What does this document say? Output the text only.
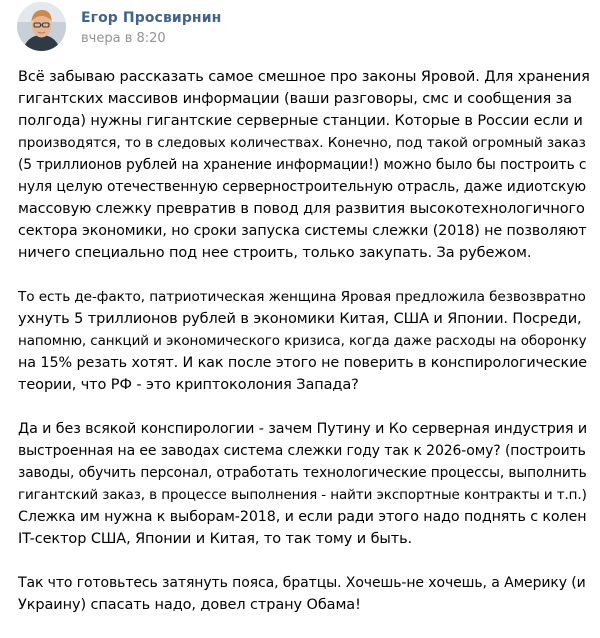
Егор Просвирнин
вчера в 8:20

Всё забываю рассказать самое смешное про законы Яровой. Для хранения
гигантских массивов информации (ваши разговоры, смс и сообщения за
полгода) нужны гигантские серверные станции. Которые в России если и
производятся, то в следовых количествах. Конечно, под такой огромный заказ
(5 триллионов рублей на хранение информации!) можно было бы построить с
нуля целую отечественную серверностроительную отрасль, даже идиотскую
массовую слежку превратив в повод для развития высокотехнологичного
сектора экономики, но сроки запуска системы слежки (2018) не позволяют
ничего специально под нее строить, только закупать. За рубежом.

То есть де-факто, патриотическая женщина Яровая предложила безвозвратно
ухнуть 5 триллионов рублей в экономики Китая, США и Японии. Посреди,
напомню, санкций и экономического кризиса, когда даже расходы на оборонку
на 15% резать хотят. И как после этого не поверить в конспирологические
теории, что РФ - это криптоколония Запада?

Да и без всякой конспирологии - зачем Путину и Ко серверная индустрия и
выстроенная на ее заводах система слежки году так к 2026-ому? (построить
заводы, обучить персонал, отработать технологические процессы, выполнить
гигантский заказ, в процессе выполнения - найти экспортные контракты и т.п.)
Слежка им нужна к выборам-2018, и если ради этого надо поднять с колен
IT-сектор США, Японии и Китая, то так тому и быть.

Так что готовьтесь затянуть пояса, братцы. Хочешь-не хочешь, а Америку (и
Украину) спасать надо, довел страну Обама!
